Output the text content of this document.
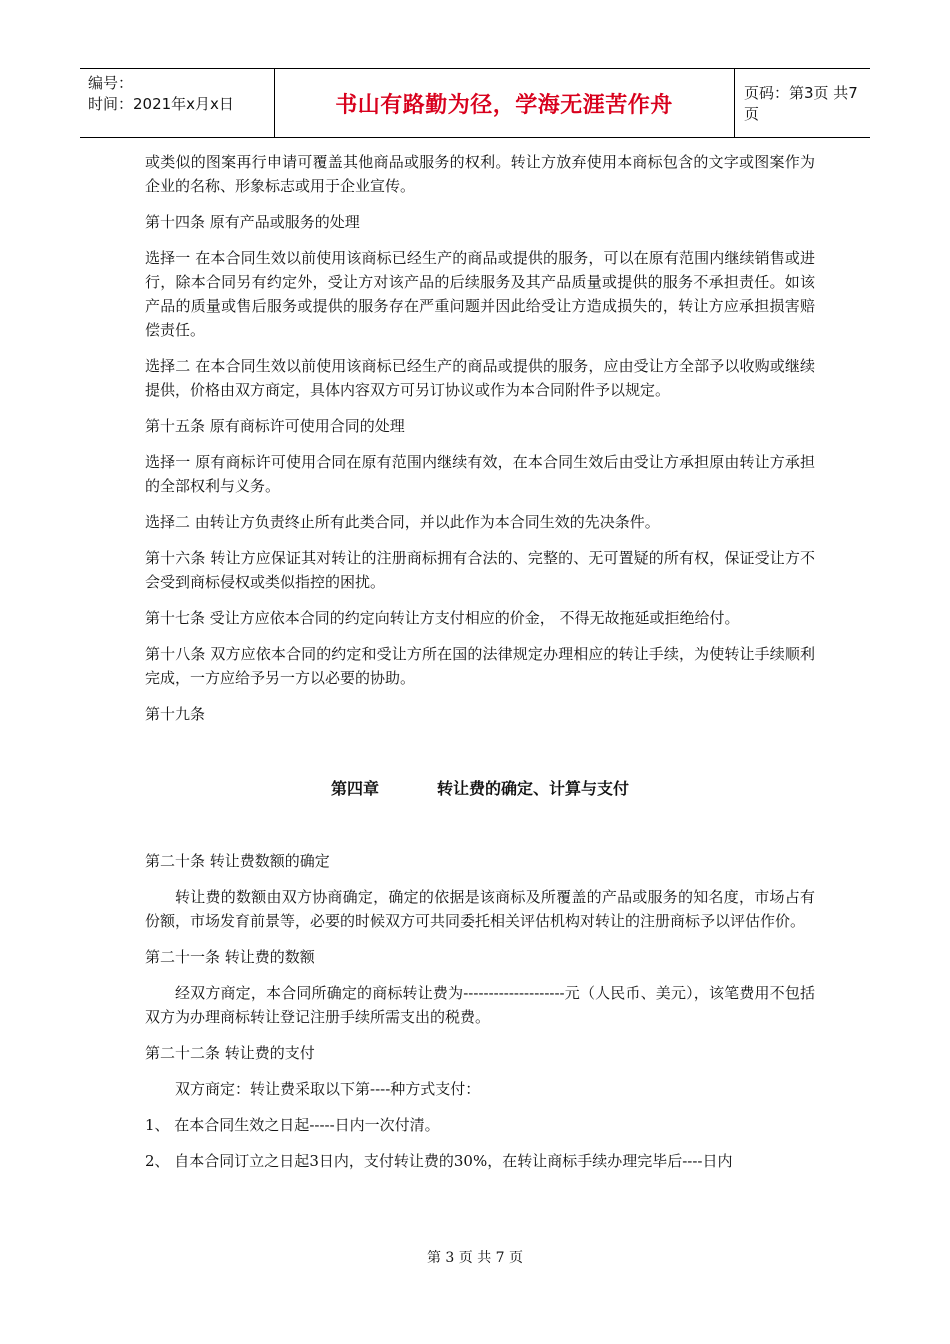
编号：
时间：2021年x月x日	书山有路勤为径，学海无涯苦作舟	页码：第3页 共7页

或类似的图案再行申请可覆盖其他商品或服务的权利。转让方放弃使用本商标包含的文字或图案作为企业的名称、形象标志或用于企业宣传。

第十四条 原有产品或服务的处理

选择一 在本合同生效以前使用该商标已经生产的商品或提供的服务，可以在原有范围内继续销售或进行，除本合同另有约定外，受让方对该产品的后续服务及其产品质量或提供的服务不承担责任。如该产品的质量或售后服务或提供的服务存在严重问题并因此给受让方造成损失的，转让方应承担损害赔偿责任。

选择二 在本合同生效以前使用该商标已经生产的商品或提供的服务，应由受让方全部予以收购或继续提供，价格由双方商定，具体内容双方可另订协议或作为本合同附件予以规定。

第十五条 原有商标许可使用合同的处理

选择一 原有商标许可使用合同在原有范围内继续有效，在本合同生效后由受让方承担原由转让方承担的全部权利与义务。

选择二 由转让方负责终止所有此类合同，并以此作为本合同生效的先决条件。

第十六条 转让方应保证其对转让的注册商标拥有合法的、完整的、无可置疑的所有权，保证受让方不会受到商标侵权或类似指控的困扰。

第十七条 受让方应依本合同的约定向转让方支付相应的价金， 不得无故拖延或拒绝给付。

第十八条 双方应依本合同的约定和受让方所在国的法律规定办理相应的转让手续，为使转让手续顺利完成，一方应给予另一方以必要的协助。

第十九条

第四章	转让费的确定、计算与支付

第二十条 转让费数额的确定

转让费的数额由双方协商确定，确定的依据是该商标及所覆盖的产品或服务的知名度，市场占有份额，市场发育前景等，必要的时候双方可共同委托相关评估机构对转让的注册商标予以评估作价。

第二十一条 转让费的数额

经双方商定，本合同所确定的商标转让费为--------------------元（人民币、美元），该笔费用不包括双方为办理商标转让登记注册手续所需支出的税费。

第二十二条 转让费的支付

双方商定：转让费采取以下第----种方式支付：

1、 在本合同生效之日起-----日内一次付清。

2、 自本合同订立之日起3日内，支付转让费的30%，在转让商标手续办理完毕后----日内

第 3 页 共 7 页
